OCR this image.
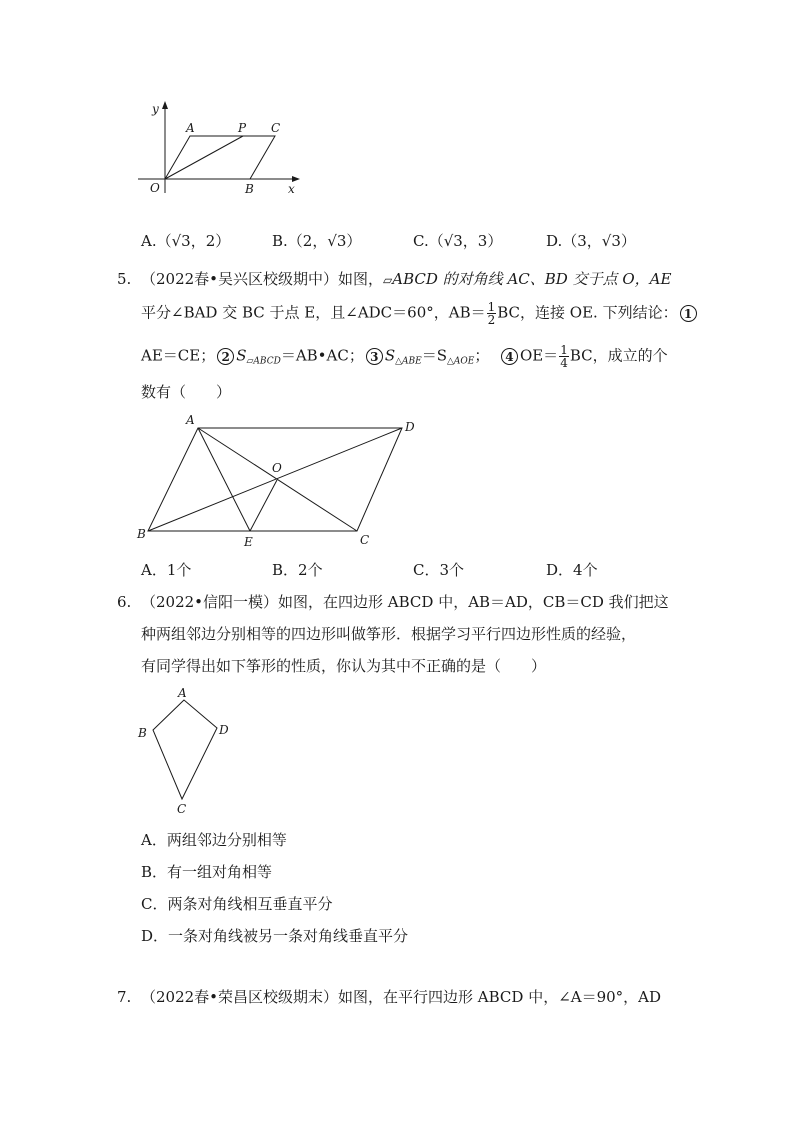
y
x
O
A	P C
B
A.（√3，2）	B.（2，√3）	C.（√3，3）	D.（3，√3）
5. （2022春•吴兴区校级期中）如图，▱ABCD 的对角线 AC、BD 交于点 O，AE
平分∠BAD 交 BC 于点 E，且∠ADC＝60°，$AB= \frac{1}{2}$ BC，连接 OE. 下列结论： 1
AE＝CE； 2 $S_{▱ABCD}=AB•AC$； 3 $S_{\triangle ABE}=S_{\triangle AOE}$； 4 $OE= \frac{1}{4}$ BC，成立的个
数有（　　）
A	D
O
B
E	C
A．1个	B．2个	C．3个	D．4个
6. （2022•信阳一模）如图，在四边形 ABCD 中，AB＝AD，CB＝CD 我们把这
种两组邻边分别相等的四边形叫做筝形．根据学习平行四边形性质的经验，
有同学得出如下筝形的性质，你认为其中不正确的是（　　）
A
B	D
C
A．两组邻边分别相等
B．有一组对角相等
C．两条对角线相互垂直平分
D．一条对角线被另一条对角线垂直平分
7. （2022春•荣昌区校级期末）如图，在平行四边形 ABCD 中，∠A＝90°，AD
